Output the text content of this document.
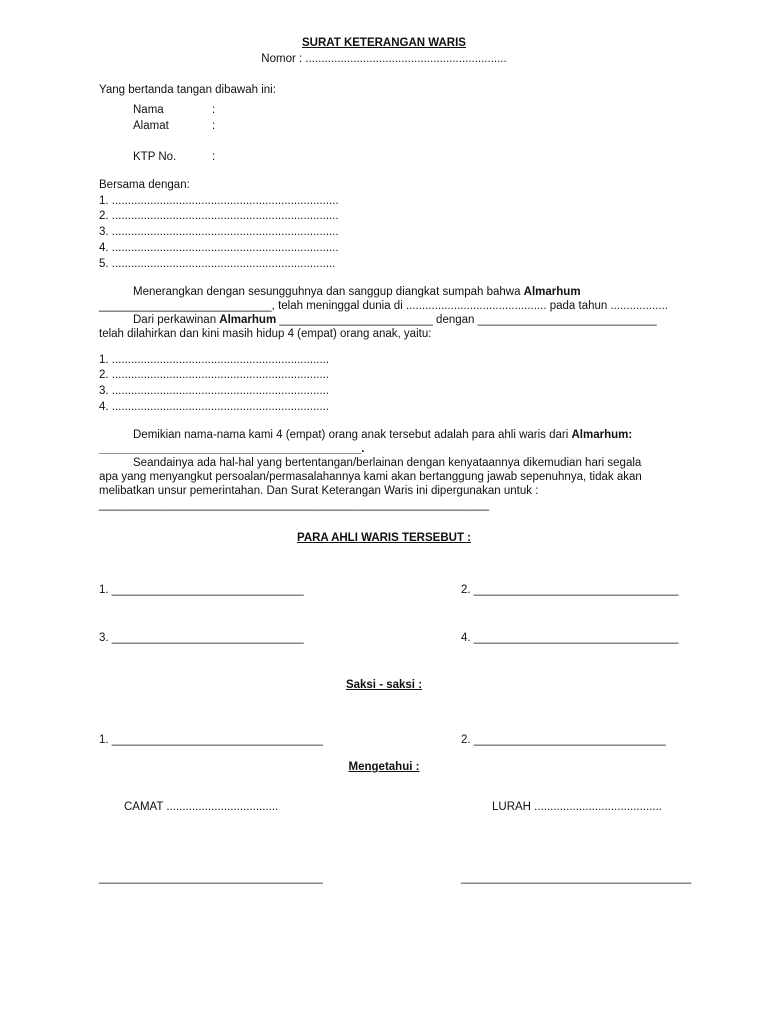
SURAT KETERANGAN WARIS
Nomor : ...............................................................
Yang bertanda tangan dibawah ini:
Nama	:
Alamat	:
KTP No.	:
Bersama dengan:
1. .......................................................................
2. .......................................................................
3. .......................................................................
4. .......................................................................
5. ......................................................................
Menerangkan dengan sesungguhnya dan sanggup diangkat sumpah bahwa Almarhum
___________________________, telah meninggal dunia di ............................................ pada tahun ..................
Dari perkawinan Almarhum ________________________ dengan ____________________________
telah dilahirkan dan kini masih hidup 4 (empat) orang anak, yaitu:
1. ....................................................................
2. ....................................................................
3. ....................................................................
4. ....................................................................
Demikian nama-nama kami 4 (empat) orang anak tersebut adalah para ahli waris dari Almarhum:
_________________________________________.
Seandainya ada hal-hal yang bertentangan/berlainan dengan kenyataannya dikemudian hari segala
apa yang menyangkut persoalan/permasalahannya kami akan bertanggung jawab sepenuhnya, tidak akan
melibatkan unsur pemerintahan. Dan Surat Keterangan Waris ini dipergunakan untuk :
_____________________________________________________________
PARA AHLI WARIS TERSEBUT :
1. ______________________________	2. ________________________________
3. ______________________________	4. ________________________________
Saksi - saksi :
1. _________________________________	2. ______________________________
Mengetahui :
CAMAT ...................................	LURAH ........................................
___________________________________	____________________________________
